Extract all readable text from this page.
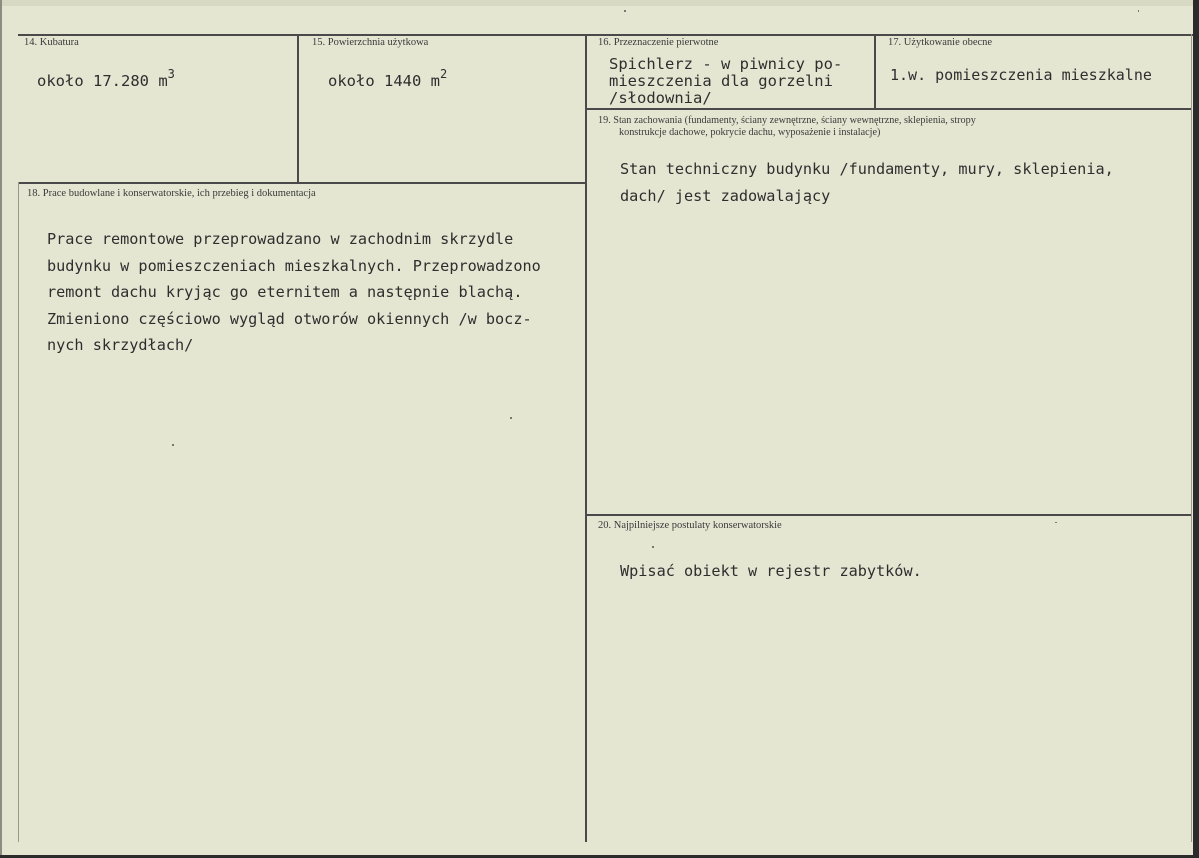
14. Kubatura
około 17.280 $m^3$
15. Powierzchnia użytkowa
około 1440 $m^2$
16. Przeznaczenie pierwotne
Spichlerz - w piwnicy po-
mieszczenia dla gorzelni
/słodownia/
17. Użytkowanie obecne
1.w. pomieszczenia mieszkalne
19. Stan zachowania (fundamenty, ściany zewnętrzne, ściany wewnętrzne, sklepienia, stropy
konstrukcje dachowe, pokrycie dachu, wyposażenie i instalacje)
Stan techniczny budynku /fundamenty, mury, sklepienia,
dach/ jest zadowalający
18. Prace budowlane i konserwatorskie, ich przebieg i dokumentacja
Prace remontowe przeprowadzano w zachodnim skrzydle
budynku w pomieszczeniach mieszkalnych. Przeprowadzono
remont dachu kryjąc go eternitem a następnie blachą.
Zmieniono częściowo wygląd otworów okiennych /w bocz-
nych skrzydłach/
20. Najpilniejsze postulaty konserwatorskie
Wpisać obiekt w rejestr zabytków.
